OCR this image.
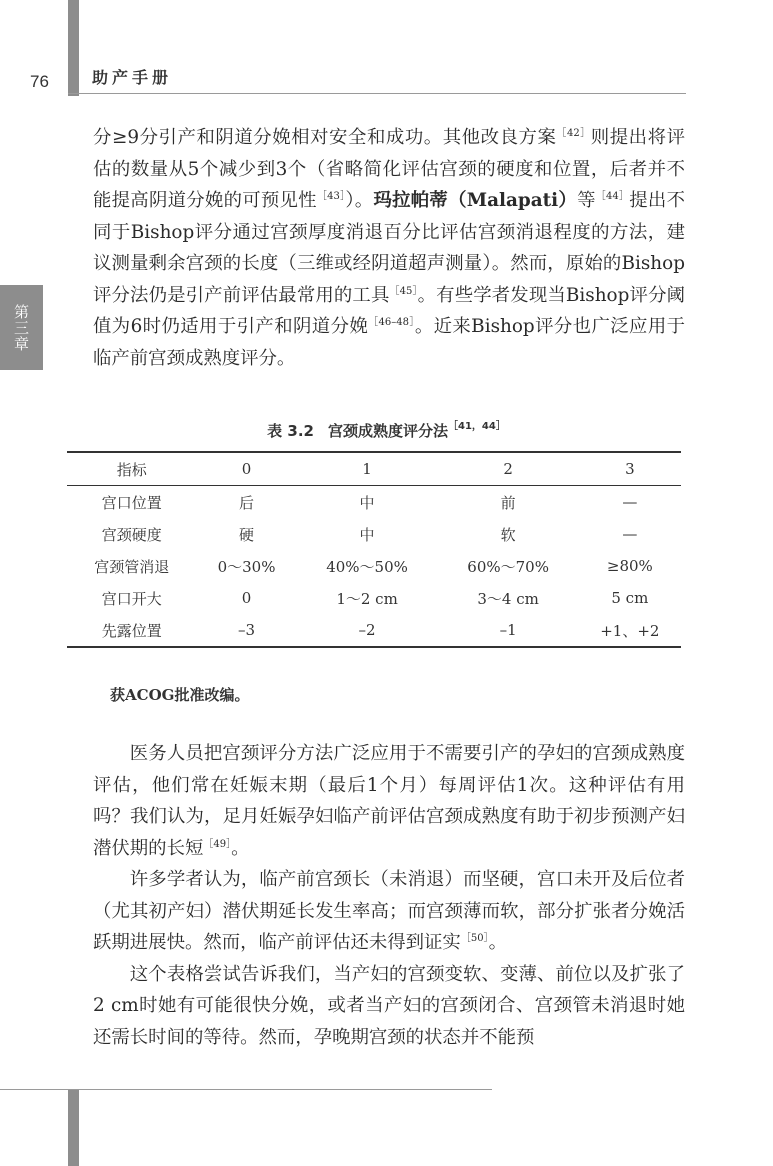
76	助产手册
第三章

分≥9分引产和阴道分娩相对安全和成功。其他改良方案$^{[42]}$则提出将评估的数量从5个减少到3个（省略简化评估宫颈的硬度和位置，后者并不能提高阴道分娩的可预见性$^{[43]}$）。玛拉帕蒂（Malapati）等$^{[44]}$提出不同于Bishop评分通过宫颈厚度消退百分比评估宫颈消退程度的方法，建议测量剩余宫颈的长度（三维或经阴道超声测量）。然而，原始的Bishop评分法仍是引产前评估最常用的工具$^{[45]}$。有些学者发现当Bishop评分阈值为6时仍适用于引产和阴道分娩$^{[46-48]}$。近来Bishop评分也广泛应用于临产前宫颈成熟度评分。

表 3.2 宫颈成熟度评分法$^{[41,44]}$
指标	0	1	2	3
宫口位置	后	中	前	—
宫颈硬度	硬	中	软	—
宫颈管消退	0～30%	40%～50%	60%～70%	≥80%
宫口开大	0	1～2 cm	3～4 cm	5 cm
先露位置	–3	–2	–1	+1、+2
获ACOG批准改编。

医务人员把宫颈评分方法广泛应用于不需要引产的孕妇的宫颈成熟度评估，他们常在妊娠末期（最后1个月）每周评估1次。这种评估有用吗？我们认为，足月妊娠孕妇临产前评估宫颈成熟度有助于初步预测产妇潜伏期的长短$^{[49]}$。

许多学者认为，临产前宫颈长（未消退）而坚硬，宫口未开及后位者（尤其初产妇）潜伏期延长发生率高；而宫颈薄而软，部分扩张者分娩活跃期进展快。然而，临产前评估还未得到证实$^{[50]}$。

这个表格尝试告诉我们，当产妇的宫颈变软、变薄、前位以及扩张了2 cm时她有可能很快分娩，或者当产妇的宫颈闭合、宫颈管未消退时她还需长时间的等待。然而，孕晚期宫颈的状态并不能预
